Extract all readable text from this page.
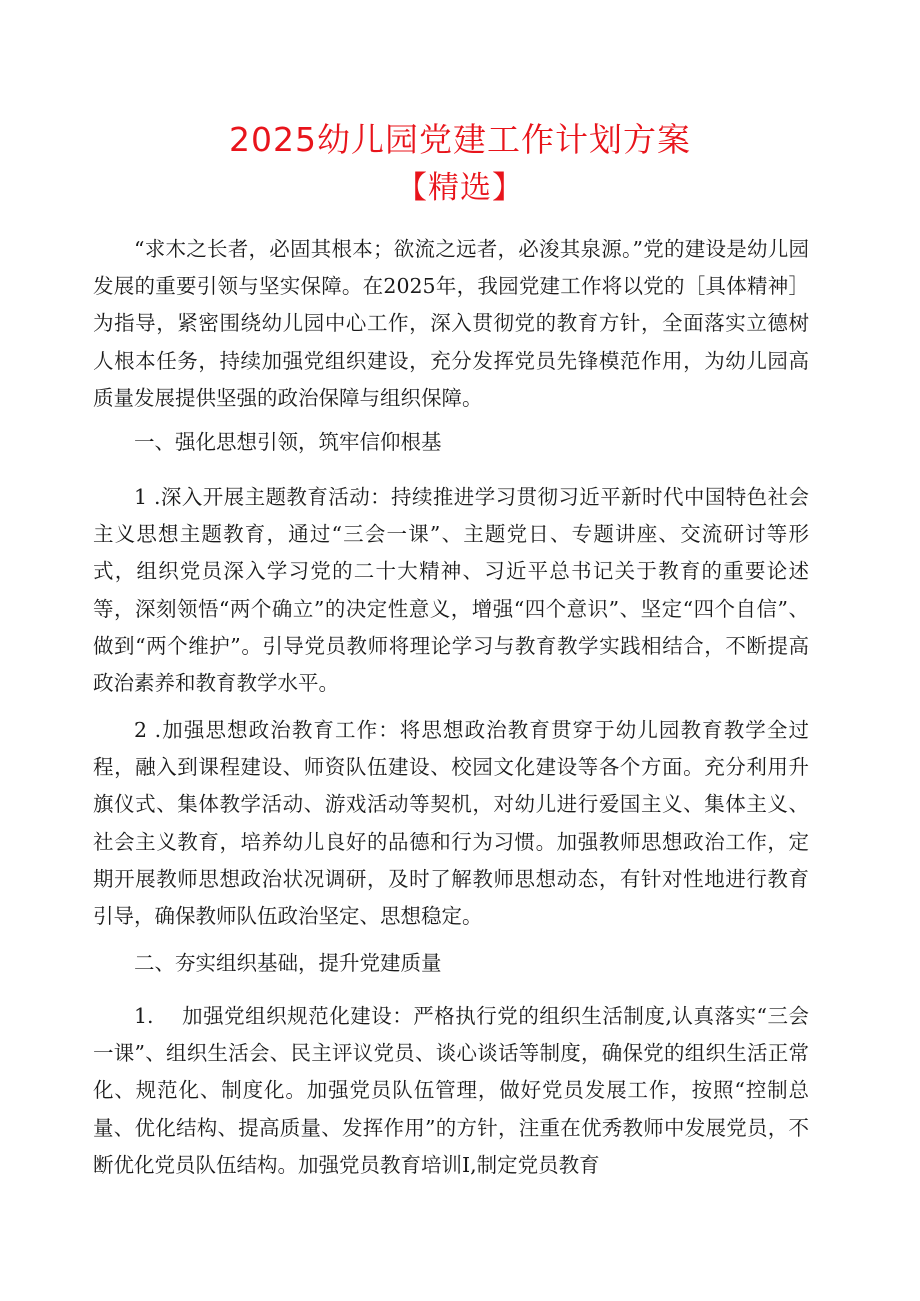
2025幼儿园党建工作计划方案
【精选】

“求木之长者，必固其根本；欲流之远者，必浚其泉源。”党的建设是幼儿园发展的重要引领与坚实保障。在2025年，我园党建工作将以党的［具体精神］为指导，紧密围绕幼儿园中心工作，深入贯彻党的教育方针，全面落实立德树人根本任务，持续加强党组织建设，充分发挥党员先锋模范作用，为幼儿园高质量发展提供坚强的政治保障与组织保障。

一、强化思想引领，筑牢信仰根基

1 .深入开展主题教育活动：持续推进学习贯彻习近平新时代中国特色社会主义思想主题教育，通过“三会一课”、主题党日、专题讲座、交流研讨等形式，组织党员深入学习党的二十大精神、习近平总书记关于教育的重要论述等，深刻领悟“两个确立”的决定性意义，增强“四个意识”、坚定“四个自信”、做到“两个维护”。引导党员教师将理论学习与教育教学实践相结合，不断提高政治素养和教育教学水平。

2 .加强思想政治教育工作：将思想政治教育贯穿于幼儿园教育教学全过程，融入到课程建设、师资队伍建设、校园文化建设等各个方面。充分利用升旗仪式、集体教学活动、游戏活动等契机，对幼儿进行爱国主义、集体主义、社会主义教育，培养幼儿良好的品德和行为习惯。加强教师思想政治工作，定期开展教师思想政治状况调研，及时了解教师思想动态，有针对性地进行教育引导，确保教师队伍政治坚定、思想稳定。

二、夯实组织基础，提升党建质量

1.　 加强党组织规范化建设：严格执行党的组织生活制度,认真落实“三会一课”、组织生活会、民主评议党员、谈心谈话等制度，确保党的组织生活正常化、规范化、制度化。加强党员队伍管理，做好党员发展工作，按照“控制总量、优化结构、提高质量、发挥作用”的方针，注重在优秀教师中发展党员，不断优化党员队伍结构。加强党员教育培训I,制定党员教育
